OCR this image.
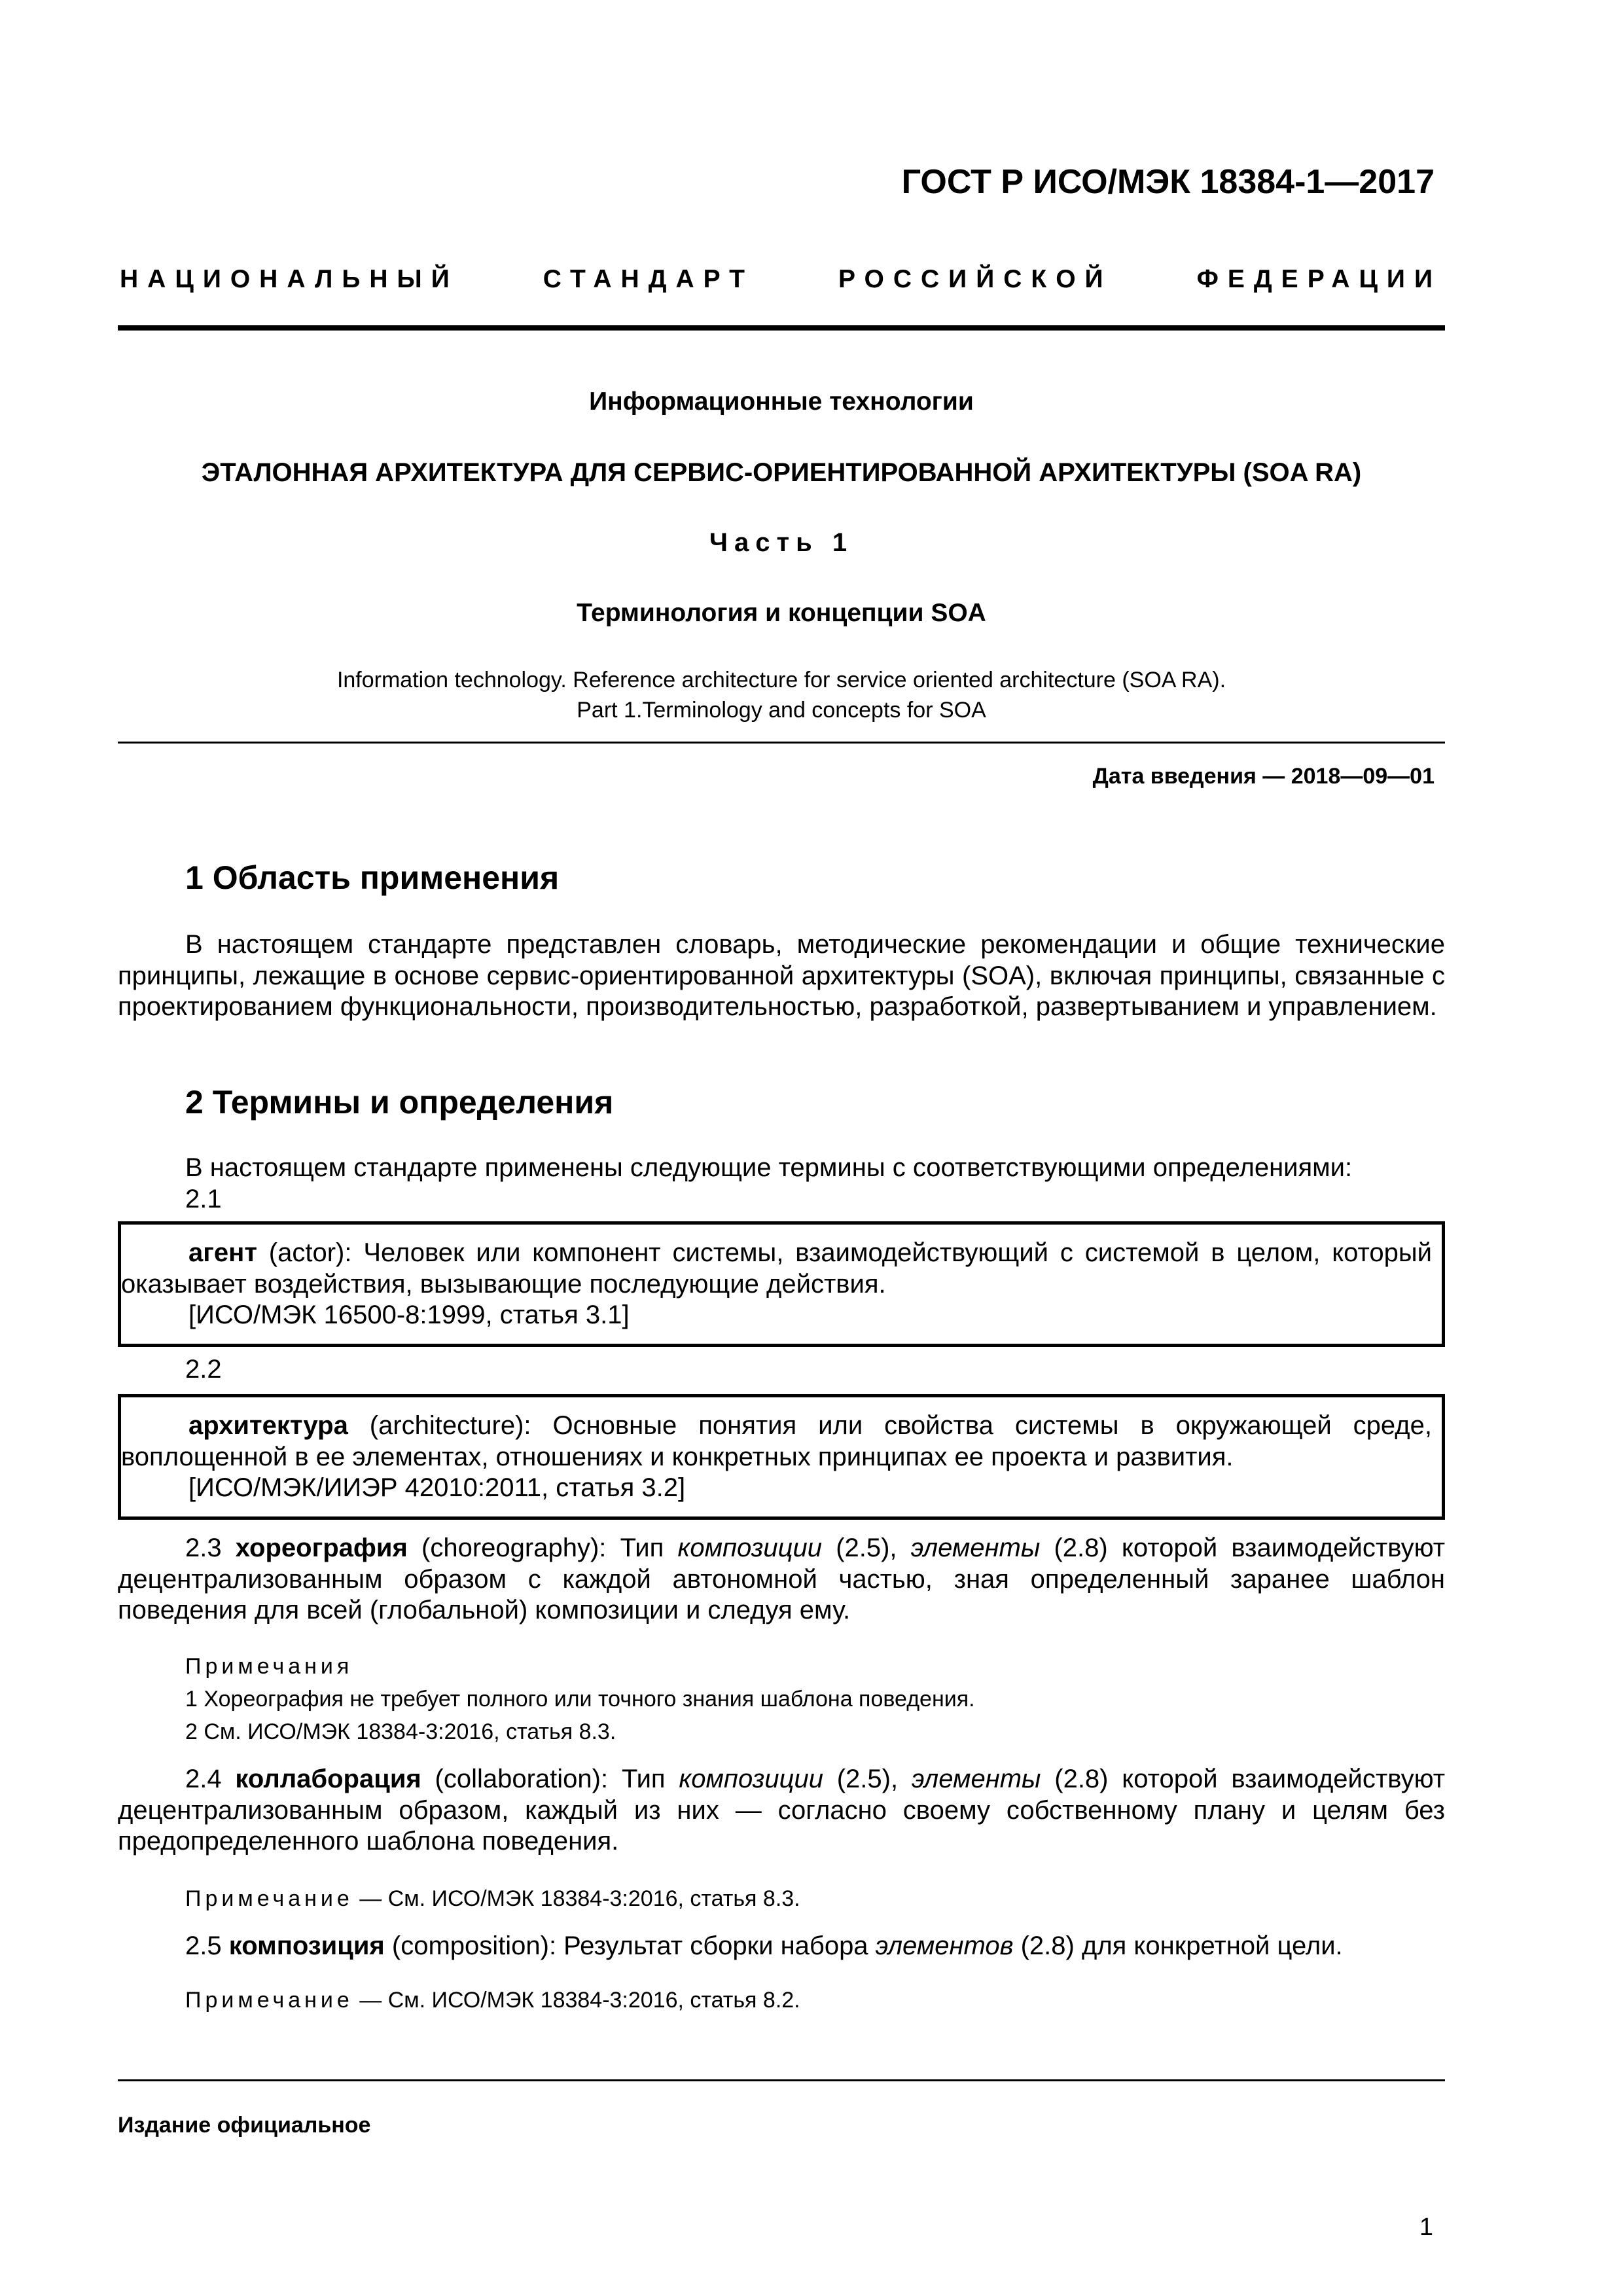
ГОСТ Р ИСО/МЭК 18384-1—2017
НАЦИОНАЛЬНЫЙ СТАНДАРТ РОССИЙСКОЙ ФЕДЕРАЦИИ
Информационные технологии
ЭТАЛОННАЯ АРХИТЕКТУРА ДЛЯ СЕРВИС-ОРИЕНТИРОВАННОЙ АРХИТЕКТУРЫ (SOA RA)
Часть 1
Терминология и концепции SOA
Information technology. Reference architecture for service oriented architecture (SOA RA).
Part 1.Terminology and concepts for SOA
Дата введения — 2018—09—01
1 Область применения

В настоящем стандарте представлен словарь, методические рекомендации и общие технические принципы, лежащие в основе сервис-ориентированной архитектуры (SOA), включая принципы, связанные с проектированием функциональности, производительностью, разработкой, развертыванием и управлением.

2 Термины и определения
В настоящем стандарте применены следующие термины с соответствующими определениями:
2.1

агент (actor): Человек или компонент системы, взаимодействующий с системой в целом, который оказывает воздействия, вызывающие последующие действия.

[ИСО/МЭК 16500-8:1999, статья 3.1]
2.2

архитектура (architecture): Основные понятия или свойства системы в окружающей среде, воплощенной в ее элементах, отношениях и конкретных принципах ее проекта и развития.

[ИСО/МЭК/ИИЭР 42010:2011, статья 3.2]

2.3 хореография (choreography): Тип композиции (2.5), элементы (2.8) которой взаимодействуют децентрализованным образом с каждой автономной частью, зная определенный заранее шаблон поведения для всей (глобальной) композиции и следуя ему.

Примечания
1 Хореография не требует полного или точного знания шаблона поведения.
2 См. ИСО/МЭК 18384-3:2016, статья 8.3.

2.4 коллаборация (collaboration): Тип композиции (2.5), элементы (2.8) которой взаимодействуют децентрализованным образом, каждый из них — согласно своему собственному плану и целям без предопределенного шаблона поведения.

Примечание — См. ИСО/МЭК 18384-3:2016, статья 8.3.

2.5 композиция (composition): Результат сборки набора элементов (2.8) для конкретной цели.

Примечание — См. ИСО/МЭК 18384-3:2016, статья 8.2.
Издание официальное
1
